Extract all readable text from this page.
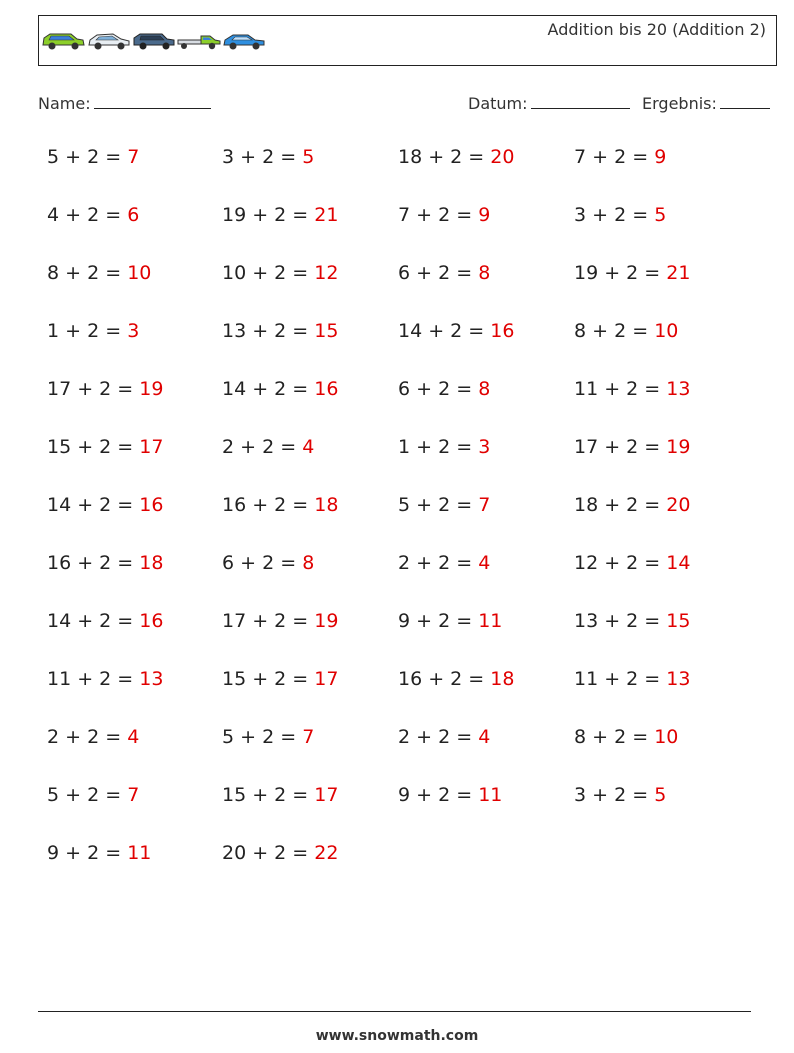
Addition bis 20 (Addition 2)
Name:	Datum:	Ergebnis:
5 + 2 = 7
4 + 2 = 6
8 + 2 = 10
1 + 2 = 3
17 + 2 = 19
15 + 2 = 17
14 + 2 = 16
16 + 2 = 18
14 + 2 = 16
11 + 2 = 13
2 + 2 = 4
5 + 2 = 7
9 + 2 = 11
3 + 2 = 5
19 + 2 = 21
10 + 2 = 12
13 + 2 = 15
14 + 2 = 16
2 + 2 = 4
16 + 2 = 18
6 + 2 = 8
17 + 2 = 19
15 + 2 = 17
5 + 2 = 7
15 + 2 = 17
20 + 2 = 22
18 + 2 = 20
7 + 2 = 9
6 + 2 = 8
14 + 2 = 16
6 + 2 = 8
1 + 2 = 3
5 + 2 = 7
2 + 2 = 4
9 + 2 = 11
16 + 2 = 18
2 + 2 = 4
9 + 2 = 11
7 + 2 = 9
3 + 2 = 5
19 + 2 = 21
8 + 2 = 10
11 + 2 = 13
17 + 2 = 19
18 + 2 = 20
12 + 2 = 14
13 + 2 = 15
11 + 2 = 13
8 + 2 = 10
3 + 2 = 5
www.snowmath.com
